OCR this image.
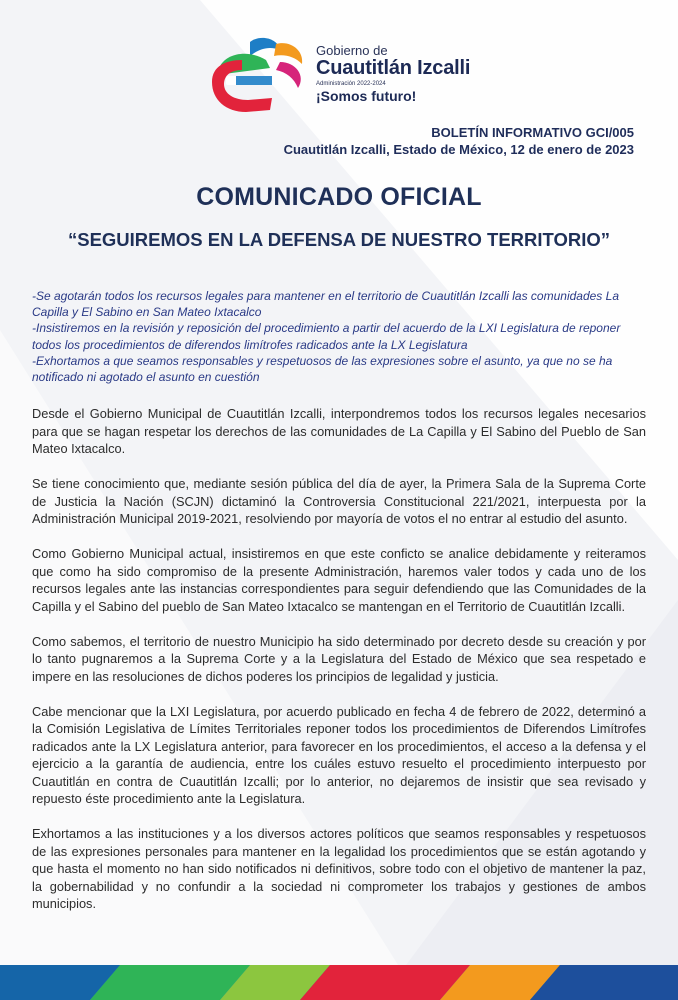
Gobierno de
Cuautitlán Izcalli
Administración 2022-2024
¡Somos futuro!
BOLETÍN INFORMATIVO GCI/005
Cuautitlán Izcalli, Estado de México, 12 de enero de 2023
COMUNICADO OFICIAL
“SEGUIREMOS EN LA DEFENSA DE NUESTRO TERRITORIO”

-Se agotarán todos los recursos legales para mantener en el territorio de Cuautitlán Izcalli las comunidades La Capilla y El Sabino en San Mateo Ixtacalco

-Insistiremos en la revisión y reposición del procedimiento a partir del acuerdo de la LXI Legislatura de reponer todos los procedimientos de diferendos limítrofes radicados ante la LX Legislatura

-Exhortamos a que seamos responsables y respetuosos de las expresiones sobre el asunto, ya que no se ha notificado ni agotado el asunto en cuestión

Desde el Gobierno Municipal de Cuautitlán Izcalli, interpondremos todos los recursos legales necesarios para que se hagan respetar los derechos de las comunidades de La Capilla y El Sabino del Pueblo de San Mateo Ixtacalco.

Se tiene conocimiento que, mediante sesión pública del día de ayer, la Primera Sala de la Suprema Corte de Justicia la Nación (SCJN) dictaminó la Controversia Constitucional 221/2021, interpuesta por la Administración Municipal 2019-2021, resolviendo por mayoría de votos el no entrar al estudio del asunto.

Como Gobierno Municipal actual, insistiremos en que este conficto se analice debidamente y reiteramos que como ha sido compromiso de la presente Administración, haremos valer todos y cada uno de los recursos legales ante las instancias correspondientes para seguir defendiendo que las Comunidades de la Capilla y el Sabino del pueblo de San Mateo Ixtacalco se mantengan en el Territorio de Cuautitlán Izcalli.

Como sabemos, el territorio de nuestro Municipio ha sido determinado por decreto desde su creación y por lo tanto pugnaremos a la Suprema Corte y a la Legislatura del Estado de México que sea respetado e impere en las resoluciones de dichos poderes los principios de legalidad y justicia.

Cabe mencionar que la LXI Legislatura, por acuerdo publicado en fecha 4 de febrero de 2022, determinó a la Comisión Legislativa de Límites Territoriales reponer todos los procedimientos de Diferendos Limítrofes radicados ante la LX Legislatura anterior, para favorecer en los procedimientos, el acceso a la defensa y el ejercicio a la garantía de audiencia, entre los cuáles estuvo resuelto el procedimiento interpuesto por Cuautitlán en contra de Cuautitlán Izcalli; por lo anterior, no dejaremos de insistir que sea revisado y repuesto éste procedimiento ante la Legislatura.

Exhortamos a las instituciones y a los diversos actores políticos que seamos responsables y respetuosos de las expresiones personales para mantener en la legalidad los procedimientos que se están agotando y que hasta el momento no han sido notificados ni definitivos, sobre todo con el objetivo de mantener la paz, la gobernabilidad y no confundir a la sociedad ni comprometer los trabajos y gestiones de ambos municipios.
